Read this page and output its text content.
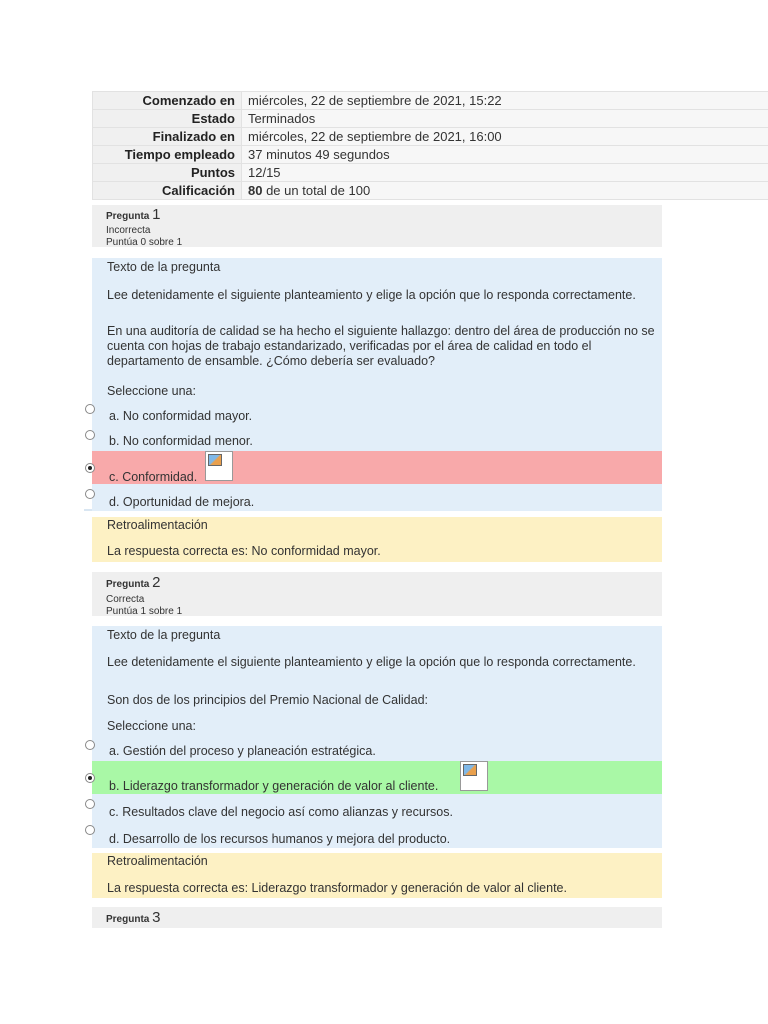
Comenzado en	miércoles, 22 de septiembre de 2021, 15:22
Estado	Terminados
Finalizado en	miércoles, 22 de septiembre de 2021, 16:00
Tiempo empleado	37 minutos 49 segundos
Puntos	12/15
Calificación	80 de un total de 100
Pregunta 1
Incorrecta
Puntúa 0 sobre 1
Texto de la pregunta
Lee detenidamente el siguiente planteamiento y elige la opción que lo responda correctamente.
En una auditoría de calidad se ha hecho el siguiente hallazgo: dentro del área de producción no se cuenta con hojas de trabajo estandarizado, verificadas por el área de calidad en todo el departamento de ensamble. ¿Cómo debería ser evaluado?
Seleccione una:
a. No conformidad mayor.
b. No conformidad menor.
c. Conformidad.
d. Oportunidad de mejora.
Retroalimentación
La respuesta correcta es: No conformidad mayor.
Pregunta 2
Correcta
Puntúa 1 sobre 1
Texto de la pregunta
Lee detenidamente el siguiente planteamiento y elige la opción que lo responda correctamente.
Son dos de los principios del Premio Nacional de Calidad:
Seleccione una:
a. Gestión del proceso y planeación estratégica.
b. Liderazgo transformador y generación de valor al cliente.
c. Resultados clave del negocio así como alianzas y recursos.
d. Desarrollo de los recursos humanos y mejora del producto.
Retroalimentación
La respuesta correcta es: Liderazgo transformador y generación de valor al cliente.
Pregunta 3
